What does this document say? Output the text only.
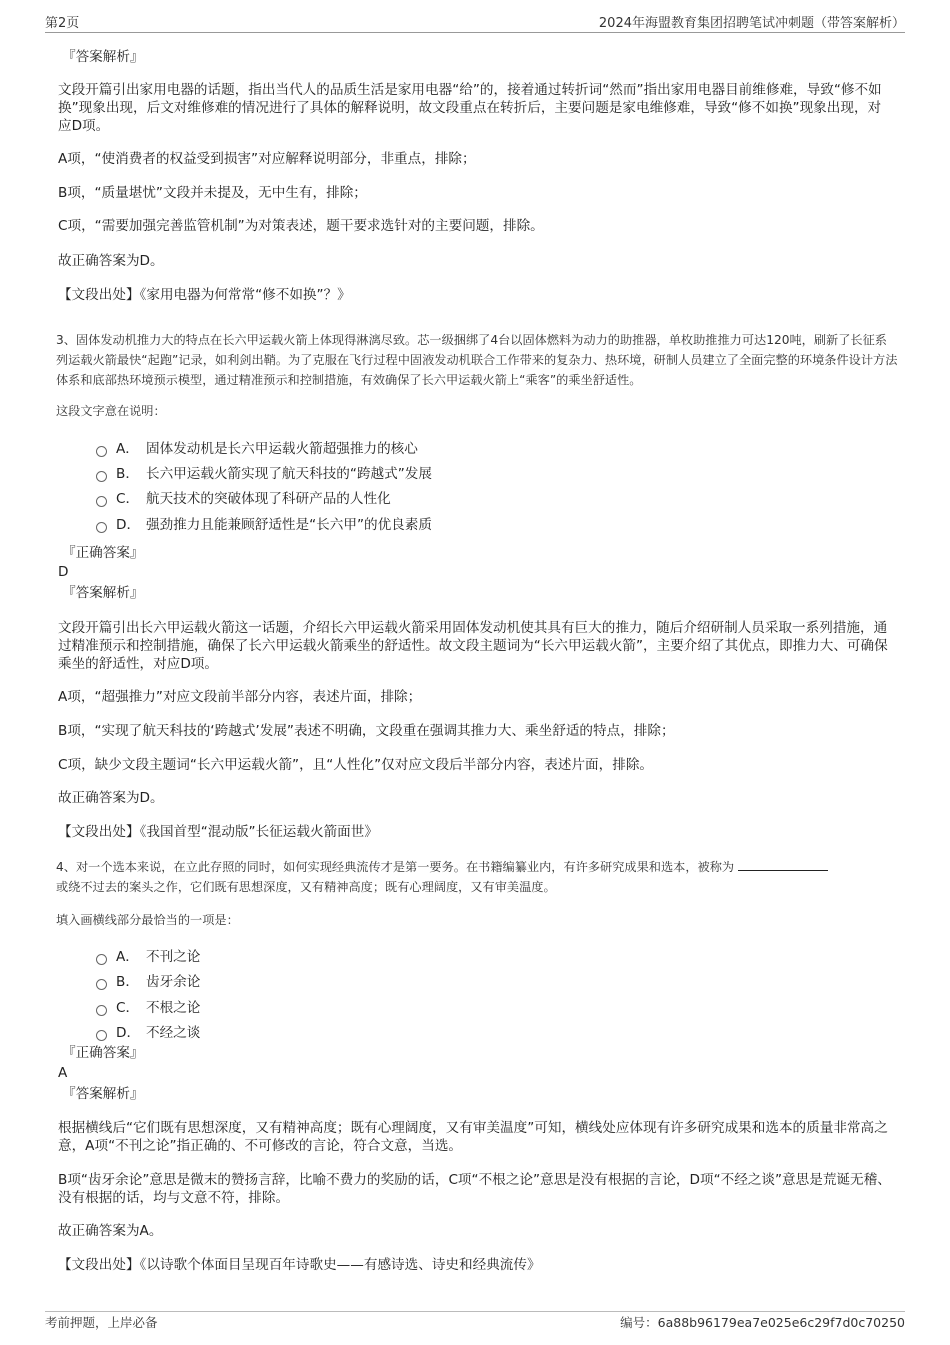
第2页	2024年海盟教育集团招聘笔试冲刺题（带答案解析）
『答案解析』
文段开篇引出家用电器的话题，指出当代人的品质生活是家用电器“给”的，接着通过转折词“然而”指出家用电器目前维修难，导致“修不如换”现象出现，后文对维修难的情况进行了具体的解释说明，故文段重点在转折后，主要问题是家电维修难，导致“修不如换”现象出现，对应D项。
A项，“使消费者的权益受到损害”对应解释说明部分，非重点，排除；
B项，“质量堪忧”文段并未提及，无中生有，排除；
C项，“需要加强完善监管机制”为对策表述，题干要求选针对的主要问题，排除。
故正确答案为D。
【文段出处】《家用电器为何常常“修不如换”？》
3、固体发动机推力大的特点在长六甲运载火箭上体现得淋漓尽致。芯一级捆绑了4台以固体燃料为动力的助推器，单枚助推推力可达120吨，刷新了长征系列运载火箭最快“起跑”记录，如利剑出鞘。为了克服在飞行过程中固液发动机联合工作带来的复杂力、热环境，研制人员建立了全面完整的环境条件设计方法体系和底部热环境预示模型，通过精准预示和控制措施，有效确保了长六甲运载火箭上“乘客”的乘坐舒适性。
这段文字意在说明：
A． 固体发动机是长六甲运载火箭超强推力的核心
B． 长六甲运载火箭实现了航天科技的“跨越式”发展
C． 航天技术的突破体现了科研产品的人性化
D． 强劲推力且能兼顾舒适性是“长六甲”的优良素质
『正确答案』
D
『答案解析』
文段开篇引出长六甲运载火箭这一话题，介绍长六甲运载火箭采用固体发动机使其具有巨大的推力，随后介绍研制人员采取一系列措施，通过精准预示和控制措施，确保了长六甲运载火箭乘坐的舒适性。故文段主题词为“长六甲运载火箭”，主要介绍了其优点，即推力大、可确保乘坐的舒适性，对应D项。
A项，“超强推力”对应文段前半部分内容，表述片面，排除；
B项，“实现了航天科技的‘跨越式’发展”表述不明确，文段重在强调其推力大、乘坐舒适的特点，排除；
C项，缺少文段主题词“长六甲运载火箭”，且“人性化”仅对应文段后半部分内容，表述片面，排除。
故正确答案为D。
【文段出处】《我国首型“混动版”长征运载火箭面世》
4、对一个选本来说，在立此存照的同时，如何实现经典流传才是第一要务。在书籍编纂业内，有许多研究成果和选本，被称为
或绕不过去的案头之作，它们既有思想深度，又有精神高度；既有心理阔度，又有审美温度。
填入画横线部分最恰当的一项是：
A． 不刊之论
B． 齿牙余论
C． 不根之论
D． 不经之谈
『正确答案』
A
『答案解析』
根据横线后“它们既有思想深度，又有精神高度；既有心理阔度，又有审美温度”可知，横线处应体现有许多研究成果和选本的质量非常高之意，A项“不刊之论”指正确的、不可修改的言论，符合文意，当选。
B项“齿牙余论”意思是微末的赞扬言辞，比喻不费力的奖励的话，C项“不根之论”意思是没有根据的言论，D项“不经之谈”意思是荒诞无稽、没有根据的话，均与文意不符，排除。
故正确答案为A。
【文段出处】《以诗歌个体面目呈现百年诗歌史——有感诗选、诗史和经典流传》
考前押题，上岸必备	编号：6a88b96179ea7e025e6c29f7d0c70250
